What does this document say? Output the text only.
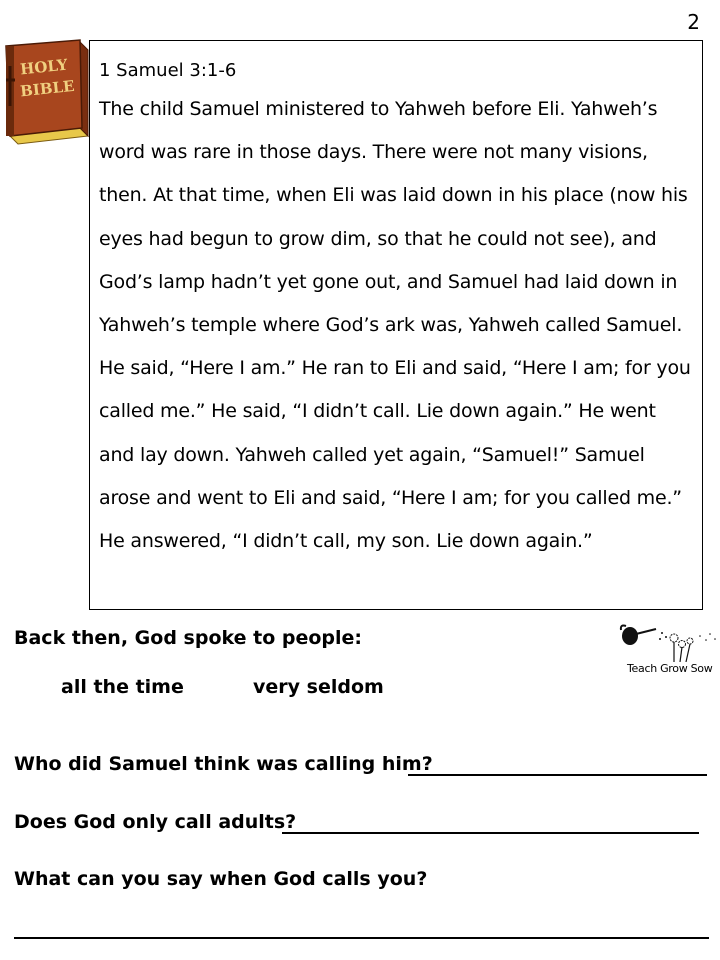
2
HOLY
BIBLE
1 Samuel 3:1-6

The child Samuel ministered to Yahweh before Eli. Yahweh’s word was rare in those days. There were not many visions, then. At that time, when Eli was laid down in his place (now his eyes had begun to grow dim, so that he could not see), and God’s lamp hadn’t yet gone out, and Samuel had laid down in Yahweh’s temple where God’s ark was, Yahweh called Samuel. He said, “Here I am.” He ran to Eli and said, “Here I am; for you called me.” He said, “I didn’t call. Lie down again.” He went and lay down. Yahweh called yet again, “Samuel!” Samuel arose and went to Eli and said, “Here I am; for you called me.” He answered, “I didn’t call, my son. Lie down again.”

Back then, God spoke to people:
all the time	very seldom
Teach Grow Sow
Who did Samuel think was calling him?
Does God only call adults?
What can you say when God calls you?
